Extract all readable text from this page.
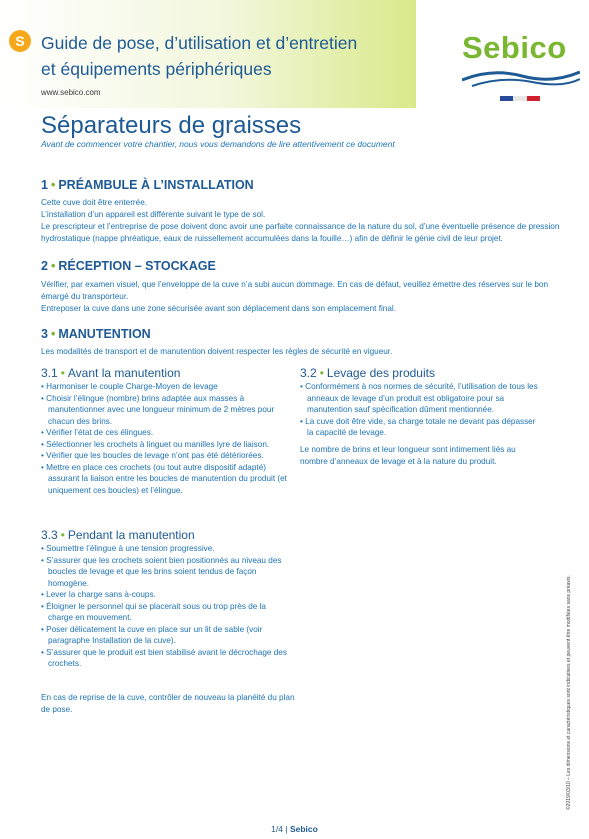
S Guide de pose, d’utilisation et d’entretien
et équipements périphériques
www.sebico.com
Sebico
Séparateurs de graisses
Avant de commencer votre chantier, nous vous demandons de lire attentivement ce document
1 • PRÉAMBULE À L’INSTALLATION
Cette cuve doit être enterrée.
L’installation d’un appareil est différente suivant le type de sol.
Le prescripteur et l’entreprise de pose doivent donc avoir une parfaite connaissance de la nature du sol, d’une éventuelle présence de pression
hydrostatique (nappe phréatique, eaux de ruissellement accumulées dans la fouille…) afin de définir le génie civil de leur projet.
2 • RÉCEPTION – STOCKAGE
Vérifier, par examen visuel, que l’enveloppe de la cuve n’a subi aucun dommage. En cas de défaut, veuillez émettre des réserves sur le bon
émargé du transporteur.
Entreposer la cuve dans une zone sécurisée avant son déplacement dans son emplacement final.
3 • MANUTENTION
Les modalités de transport et de manutention doivent respecter les règles de sécurité en vigueur.
3.1 • Avant la manutention
• Harmoniser le couple Charge-Moyen de levage
• Choisir l’élingue (nombre) brins adaptée aux masses à manutentionner avec une longueur minimum de 2 mètres pour chacun des brins.
• Vérifier l’état de ces élingues.
• Sélectionner les crochets à linguet ou manilles lyre de liaison.
• Vérifier que les boucles de levage n’ont pas été détériorées.
• Mettre en place ces crochets (ou tout autre dispositif adapté) assurant la liaison entre les boucles de manutention du produit (et uniquement ces boucles) et l’élingue.
3.2 • Levage des produits
• Conformément à nos normes de sécurité, l’utilisation de tous les anneaux de levage d’un produit est obligatoire pour sa manutention sauf spécification dûment mentionnée.
• La cuve doit être vide, sa charge totale ne devant pas dépasser la capacité de levage.
Le nombre de brins et leur longueur sont intimement liés au nombre d’anneaux de levage et à la nature du produit.
3.3 • Pendant la manutention
• Soumettre l’élingue à une tension progressive.
• S’assurer que les crochets soient bien positionnés au niveau des boucles de levage et que les brins soient tendus de façon homogène.
• Lever la charge sans à-coups.
• Éloigner le personnel qui se placerait sous ou trop près de la charge en mouvement.
• Poser délicatement la cuve en place sur un lit de sable (voir paragraphe Installation de la cuve).
• S’assurer que le produit est bien stabilisé avant le décrochage des crochets.
En cas de reprise de la cuve, contrôler de nouveau la planéité du plan de pose.	©2019/03/10 – Les dimensions et caractéristiques sont indicatives et peuvent être modifiées sans préavis.
1/4 | Sebico
